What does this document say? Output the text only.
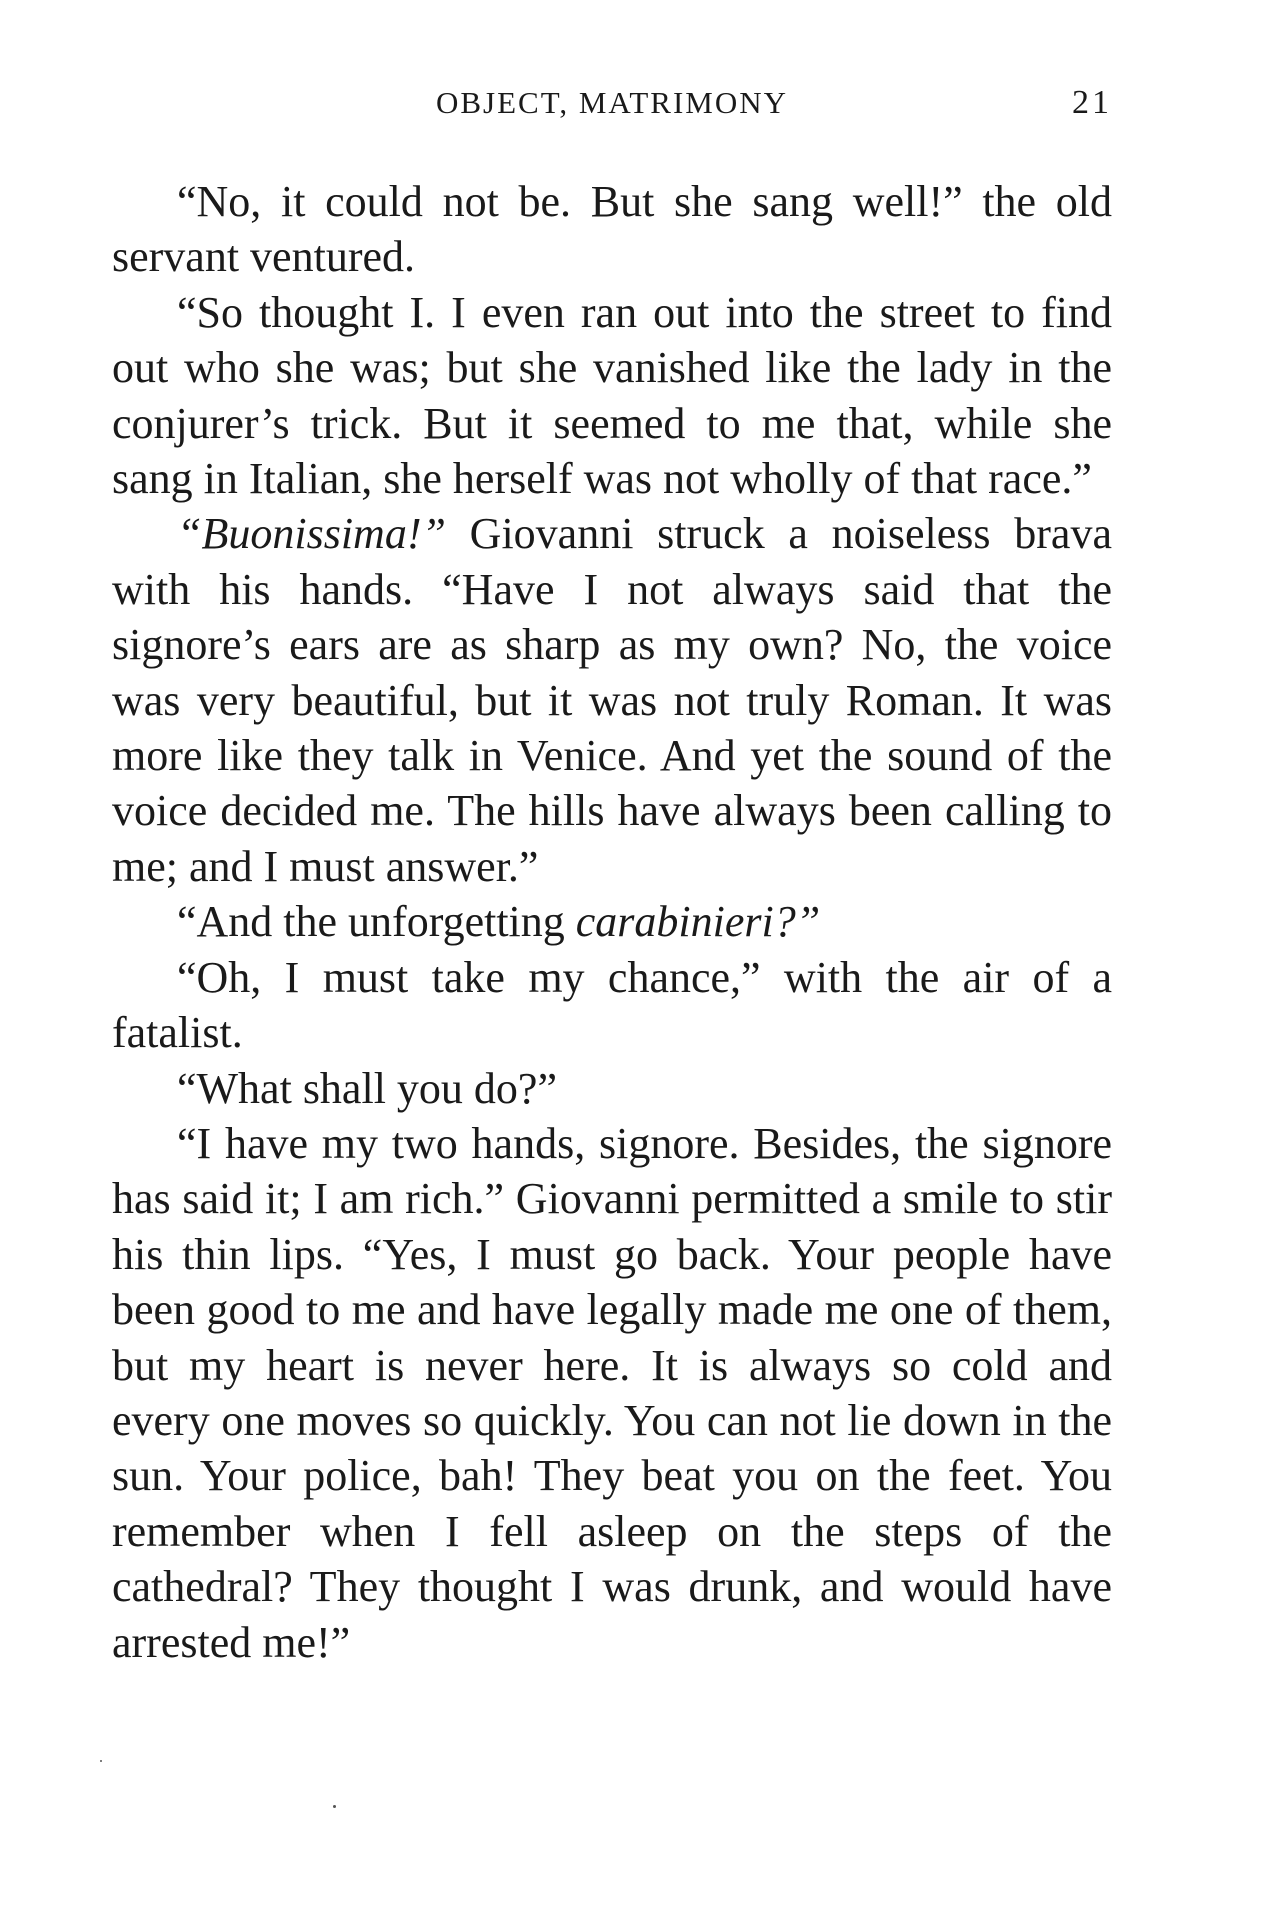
OBJECT, MATRIMONY	21

“No, it could not be. But she sang well!” the old servant ventured.

“So thought I. I even ran out into the street to find out who she was; but she vanished like the lady in the conjurer’s trick. But it seemed to me that, while she sang in Italian, she herself was not wholly of that race.”

“Buonissima!” Giovanni struck a noiseless brava with his hands. “Have I not always said that the signore’s ears are as sharp as my own? No, the voice was very beautiful, but it was not truly Roman. It was more like they talk in Venice. And yet the sound of the voice decided me. The hills have always been calling to me; and I must answer.”

“And the unforgetting carabinieri?”

“Oh, I must take my chance,” with the air of a fatalist.

“What shall you do?”

“I have my two hands, signore. Besides, the signore has said it; I am rich.” Giovanni permitted a smile to stir his thin lips. “Yes, I must go back. Your people have been good to me and have legally made me one of them, but my heart is never here. It is always so cold and every one moves so quickly. You can not lie down in the sun. Your police, bah! They beat you on the feet. You remember when I fell asleep on the steps of the cathedral? They thought I was drunk, and would have arrested me!”
